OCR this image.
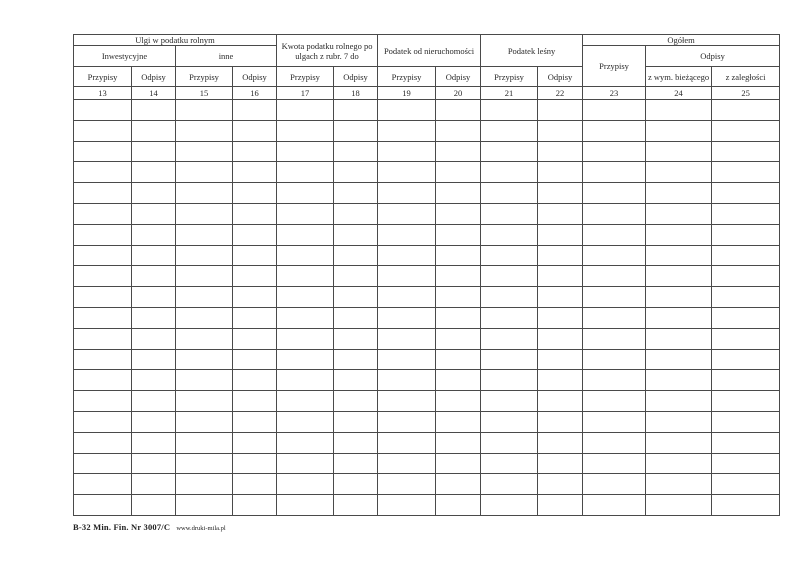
Ulgi w podatku rolnym				Kwota podatku rolnego po ulgach z rubr. 7 do		Podatek od nieruchomości		Podatek leśny		Ogółem		
Inwestycyjne		inne								Przypisy	Odpisy	
Przypisy	Odpisy	Przypisy	Odpisy	Przypisy	Odpisy	Przypisy	Odpisy	Przypisy	Odpisy		z wym. bieżącego	z zaległości
13	14	15	16	17	18	19	20	21	22	23	24	25

B-32 Min. Fin. Nr 3007/C www.druki-mila.pl
